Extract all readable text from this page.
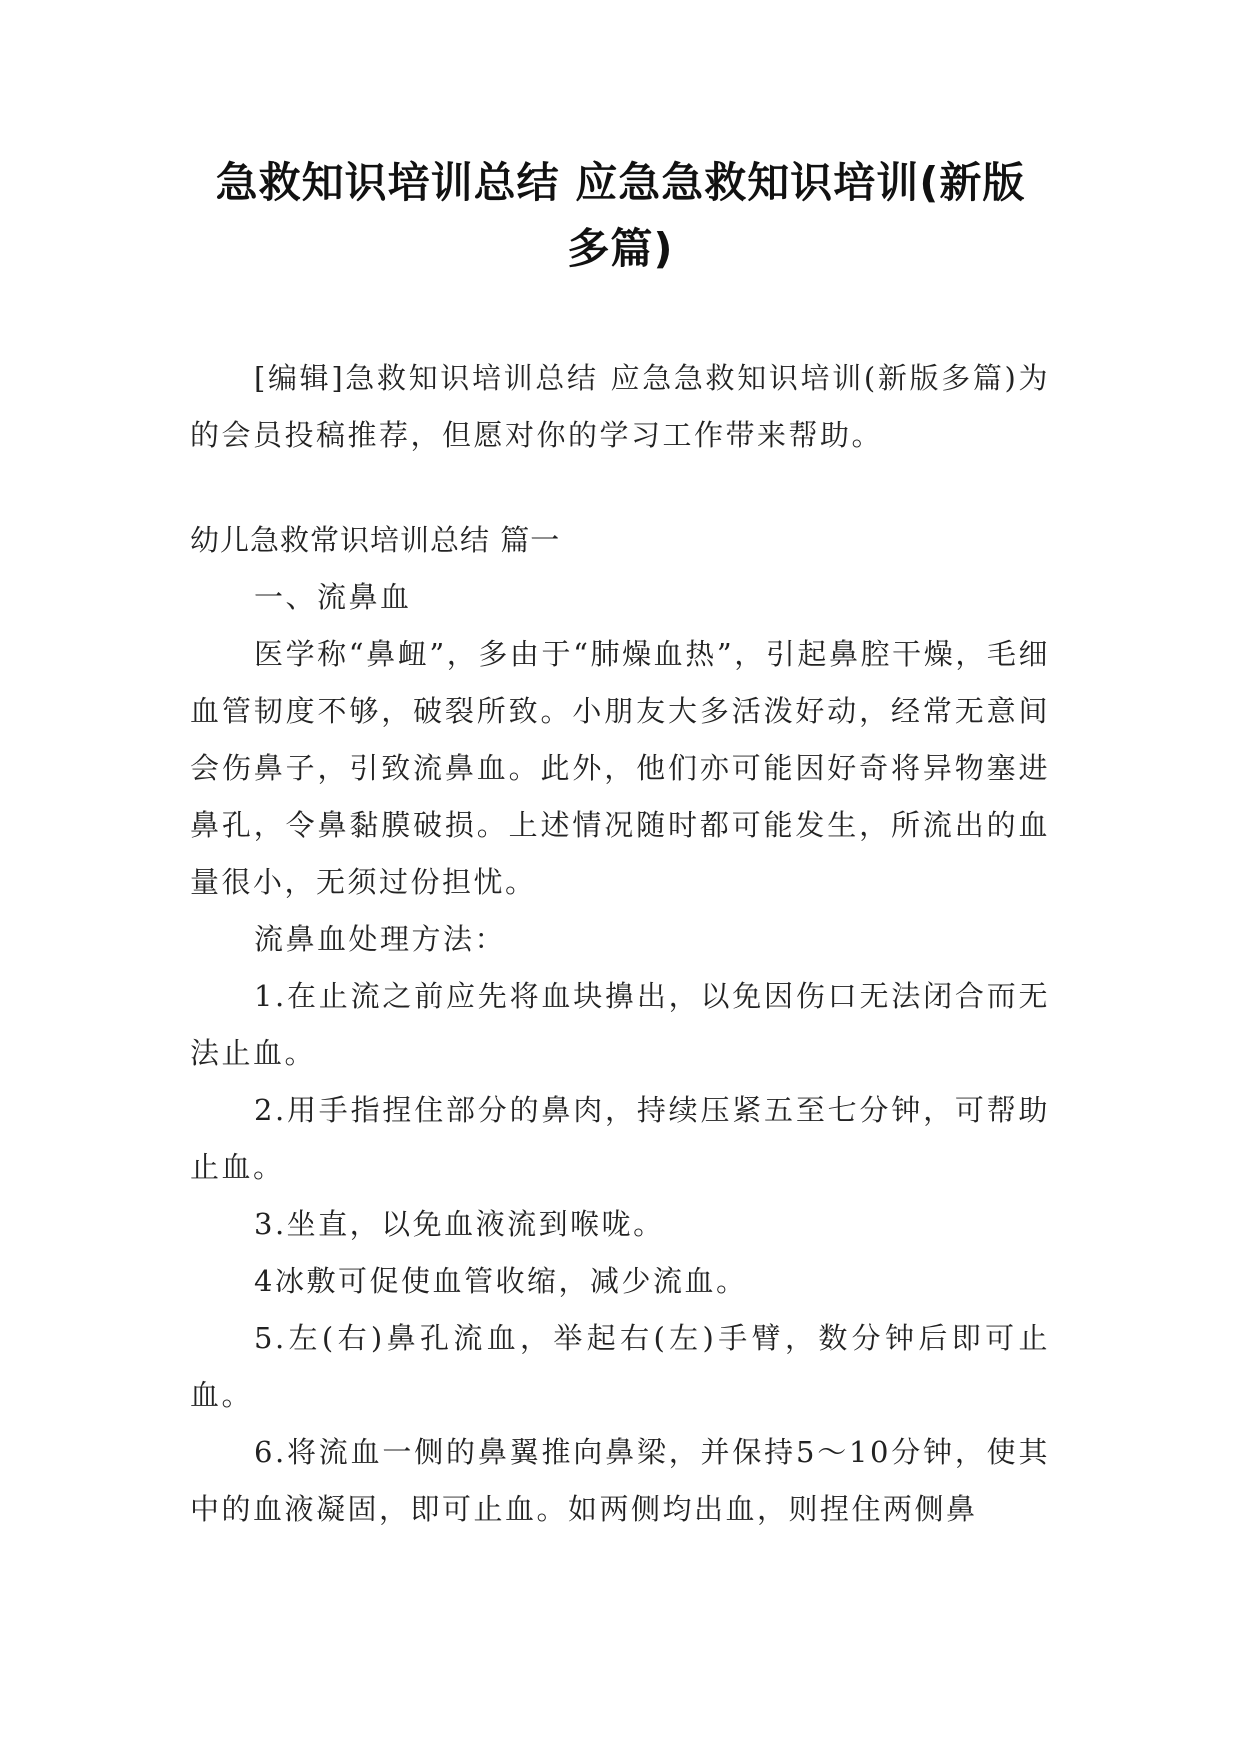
急救知识培训总结 应急急救知识培训(新版
多篇)

[编辑]急救知识培训总结 应急急救知识培训(新版多篇)为的会员投稿推荐，但愿对你的学习工作带来帮助。

幼儿急救常识培训总结 篇一

一、流鼻血

医学称“鼻衄”，多由于“肺燥血热”，引起鼻腔干燥，毛细血管韧度不够，破裂所致。小朋友大多活泼好动，经常无意间会伤鼻子，引致流鼻血。此外，他们亦可能因好奇将异物塞进鼻孔，令鼻黏膜破损。上述情况随时都可能发生，所流出的血量很小，无须过份担忧。

流鼻血处理方法：

1.在止流之前应先将血块擤出，以免因伤口无法闭合而无法止血。

2.用手指捏住部分的鼻肉，持续压紧五至七分钟，可帮助止血。

3.坐直，以免血液流到喉咙。

4冰敷可促使血管收缩，减少流血。

5.左(右)鼻孔流血，举起右(左)手臂，数分钟后即可止血。

6.将流血一侧的鼻翼推向鼻梁，并保持5～10分钟，使其中的血液凝固，即可止血。如两侧均出血，则捏住两侧鼻
